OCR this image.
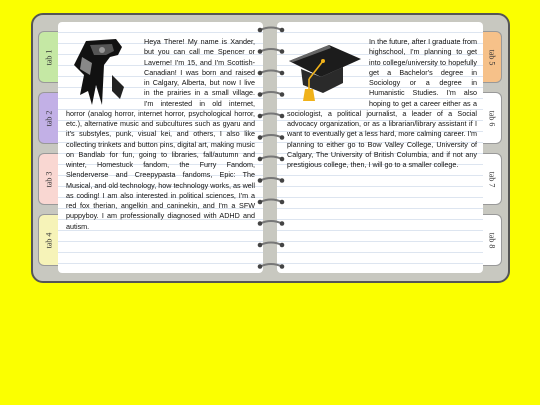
tab 1
tab 2
tab 3
tab 4
tab 5
tab 6
tab 7
tab 8

Heya There! My name is Xander, but you can call me Spencer or Laverne! I'm 15, and I'm Scottish-Canadian! I was born and raised in Calgary, Alberta, but now I live in the prairies in a small village. I'm interested in old internet, horror (analog horror, internet horror, psychological horror, etc.), alternative music and subcultures such as gyaru and it's substyles, punk, visual kei, and others, I also like collecting trinkets and button pins, digital art, making music on Bandlab for fun, going to libraries, fall/autumn and winter, Homestuck fandom, the Furry Fandom, Slenderverse and Creepypasta fandoms, Epic: The Musical, and old technology, how technology works, as well as coding! I am also interested in political sciences, I'm a red fox therian, angelkin and caninekin, and I'm a SFW puppyboy. I am professionally diagnosed with ADHD and autism.

In the future, after I graduate from highschool, I'm planning to get into college/university to hopefully get a Bachelor's degree in Sociology or a degree in Humanistic Studies. I'm also hoping to get a career either as a sociologist, a political journalist, a leader of a Social advocacy organization, or as a librarian/library assistant if I want to eventually get a less hard, more calming career. I'm planning to either go to Bow Valley College, University of Calgary, The University of British Columbia, and if not any prestigious college, then, I will go to a smaller college.
